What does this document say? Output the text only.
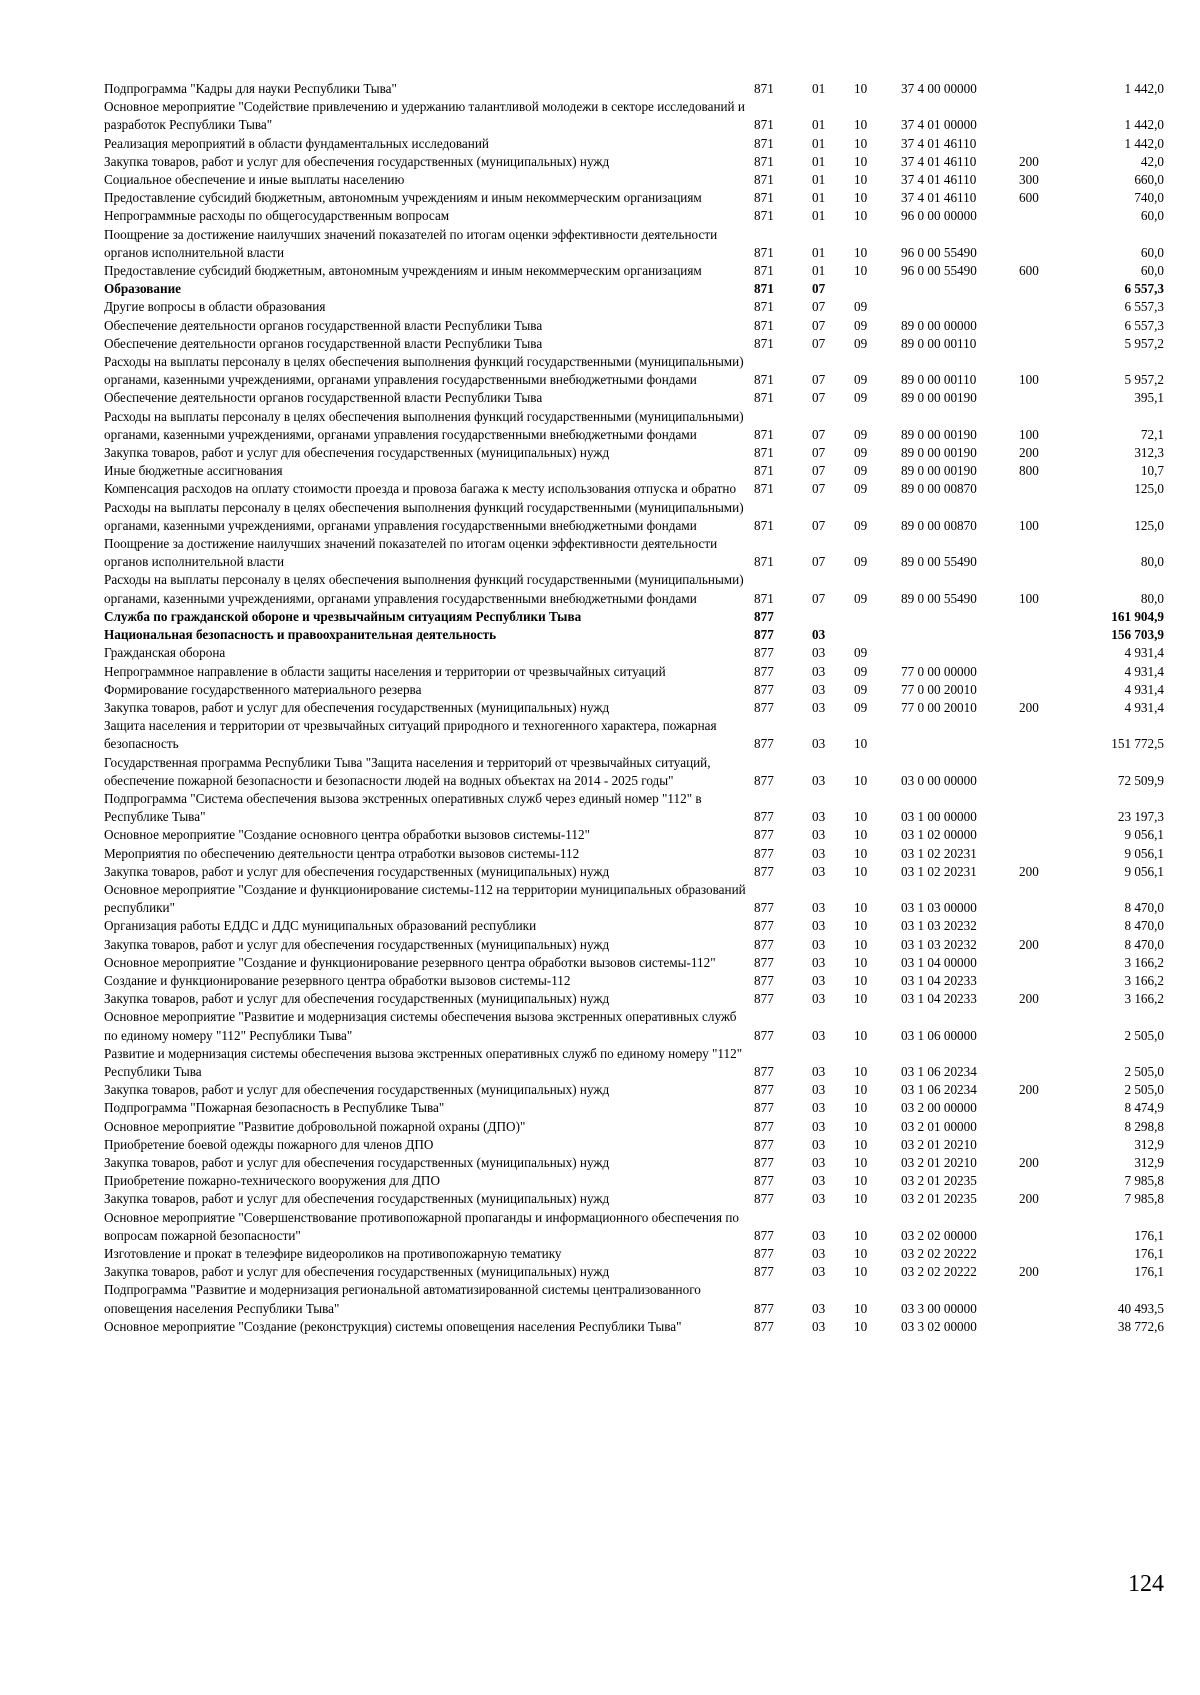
Подпрограмма "Кадры для науки Республики Тыва"	871	01	10	37 4 00 00000		1 442,0
Основное мероприятие "Содействие привлечению и удержанию талантливой молодежи в секторе исследований и разработок Республики Тыва"	871	01	10	37 4 01 00000		1 442,0
Реализация мероприятий в области фундаментальных исследований	871	01	10	37 4 01 46110		1 442,0
Закупка товаров, работ и услуг для обеспечения государственных (муниципальных) нужд	871	01	10	37 4 01 46110	200	42,0
Социальное обеспечение и иные выплаты населению	871	01	10	37 4 01 46110	300	660,0
Предоставление субсидий бюджетным, автономным учреждениям и иным некоммерческим организациям	871	01	10	37 4 01 46110	600	740,0
Непрограммные расходы по общегосударственным вопросам	871	01	10	96 0 00 00000		60,0
Поощрение за достижение наилучших значений показателей по итогам оценки эффективности деятельности органов исполнительной власти	871	01	10	96 0 00 55490		60,0
Предоставление субсидий бюджетным, автономным учреждениям и иным некоммерческим организациям	871	01	10	96 0 00 55490	600	60,0
Образование	871	07				6 557,3
Другие вопросы в области образования	871	07	09			6 557,3
Обеспечение деятельности органов государственной власти Республики Тыва	871	07	09	89 0 00 00000		6 557,3
Обеспечение деятельности органов государственной власти Республики Тыва	871	07	09	89 0 00 00110		5 957,2
Расходы на выплаты персоналу в целях обеспечения выполнения функций государственными (муниципальными) органами, казенными учреждениями, органами управления государственными внебюджетными фондами	871	07	09	89 0 00 00110	100	5 957,2
Обеспечение деятельности органов государственной власти Республики Тыва	871	07	09	89 0 00 00190		395,1
Расходы на выплаты персоналу в целях обеспечения выполнения функций государственными (муниципальными) органами, казенными учреждениями, органами управления государственными внебюджетными фондами	871	07	09	89 0 00 00190	100	72,1
Закупка товаров, работ и услуг для обеспечения государственных (муниципальных) нужд	871	07	09	89 0 00 00190	200	312,3
Иные бюджетные ассигнования	871	07	09	89 0 00 00190	800	10,7
Компенсация расходов на оплату стоимости проезда и провоза багажа к месту использования отпуска и обратно	871	07	09	89 0 00 00870		125,0
Расходы на выплаты персоналу в целях обеспечения выполнения функций государственными (муниципальными) органами, казенными учреждениями, органами управления государственными внебюджетными фондами	871	07	09	89 0 00 00870	100	125,0
Поощрение за достижение наилучших значений показателей по итогам оценки эффективности деятельности органов исполнительной власти	871	07	09	89 0 00 55490		80,0
Расходы на выплаты персоналу в целях обеспечения выполнения функций государственными (муниципальными) органами, казенными учреждениями, органами управления государственными внебюджетными фондами	871	07	09	89 0 00 55490	100	80,0
Служба по гражданской обороне и чрезвычайным ситуациям Республики Тыва	877					161 904,9
Национальная безопасность и правоохранительная деятельность	877	03				156 703,9
Гражданская оборона	877	03	09			4 931,4
Непрограммное направление в области защиты населения и территории от чрезвычайных ситуаций	877	03	09	77 0 00 00000		4 931,4
Формирование государственного материального резерва	877	03	09	77 0 00 20010		4 931,4
Закупка товаров, работ и услуг для обеспечения государственных (муниципальных) нужд	877	03	09	77 0 00 20010	200	4 931,4
Защита населения и территории от чрезвычайных ситуаций природного и техногенного характера, пожарная безопасность	877	03	10			151 772,5
Государственная программа Республики Тыва "Защита населения и территорий от чрезвычайных ситуаций, обеспечение пожарной безопасности и безопасности людей на водных объектах на 2014 - 2025 годы"	877	03	10	03 0 00 00000		72 509,9
Подпрограмма "Система обеспечения вызова экстренных оперативных служб через единый номер "112" в Республике Тыва"	877	03	10	03 1 00 00000		23 197,3
Основное мероприятие "Создание основного центра обработки вызовов системы-112"	877	03	10	03 1 02 00000		9 056,1
Мероприятия по обеспечению деятельности центра отработки вызовов системы-112	877	03	10	03 1 02 20231		9 056,1
Закупка товаров, работ и услуг для обеспечения государственных (муниципальных) нужд	877	03	10	03 1 02 20231	200	9 056,1
Основное мероприятие "Создание и функционирование системы-112 на территории муниципальных образований республики"	877	03	10	03 1 03 00000		8 470,0
Организация работы ЕДДС и ДДС муниципальных образований республики	877	03	10	03 1 03 20232		8 470,0
Закупка товаров, работ и услуг для обеспечения государственных (муниципальных) нужд	877	03	10	03 1 03 20232	200	8 470,0
Основное мероприятие "Создание и функционирование резервного центра обработки вызовов системы-112"	877	03	10	03 1 04 00000		3 166,2
Создание и функционирование резервного центра обработки вызовов системы-112	877	03	10	03 1 04 20233		3 166,2
Закупка товаров, работ и услуг для обеспечения государственных (муниципальных) нужд	877	03	10	03 1 04 20233	200	3 166,2
Основное мероприятие "Развитие и модернизация системы обеспечения вызова экстренных оперативных служб по единому номеру "112" Республики Тыва"	877	03	10	03 1 06 00000		2 505,0
Развитие и модернизация системы обеспечения вызова экстренных оперативных служб по единому номеру "112" Республики Тыва	877	03	10	03 1 06 20234		2 505,0
Закупка товаров, работ и услуг для обеспечения государственных (муниципальных) нужд	877	03	10	03 1 06 20234	200	2 505,0
Подпрограмма "Пожарная безопасность в Республике Тыва"	877	03	10	03 2 00 00000		8 474,9
Основное мероприятие "Развитие добровольной пожарной охраны (ДПО)"	877	03	10	03 2 01 00000		8 298,8
Приобретение боевой одежды пожарного для членов ДПО	877	03	10	03 2 01 20210		312,9
Закупка товаров, работ и услуг для обеспечения государственных (муниципальных) нужд	877	03	10	03 2 01 20210	200	312,9
Приобретение пожарно-технического вооружения для ДПО	877	03	10	03 2 01 20235		7 985,8
Закупка товаров, работ и услуг для обеспечения государственных (муниципальных) нужд	877	03	10	03 2 01 20235	200	7 985,8
Основное мероприятие "Совершенствование противопожарной пропаганды и информационного обеспечения по вопросам пожарной безопасности"	877	03	10	03 2 02 00000		176,1
Изготовление и прокат в телеэфире видеороликов на противопожарную тематику	877	03	10	03 2 02 20222		176,1
Закупка товаров, работ и услуг для обеспечения государственных (муниципальных) нужд	877	03	10	03 2 02 20222	200	176,1
Подпрограмма "Развитие и модернизация региональной автоматизированной системы централизованного оповещения населения Республики Тыва"	877	03	10	03 3 00 00000		40 493,5
Основное мероприятие "Создание (реконструкция) системы оповещения населения Республики Тыва"	877	03	10	03 3 02 00000		38 772,6
124
